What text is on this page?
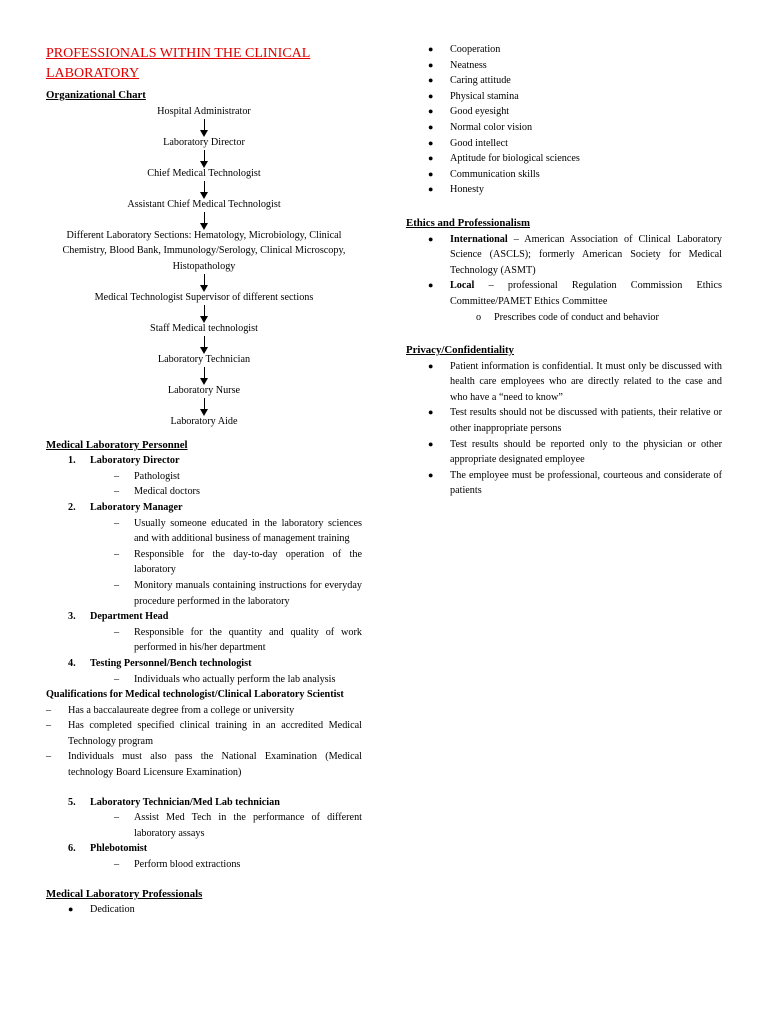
PROFESSIONALS WITHIN THE CLINICAL LABORATORY
Organizational Chart
Hospital Administrator
Laboratory Director
Chief Medical Technologist
Assistant Chief Medical Technologist
Different Laboratory Sections: Hematology, Microbiology, Clinical Chemistry, Blood Bank, Immunology/Serology, Clinical Microscopy, Histopathology
Medical Technologist Supervisor of different sections
Staff Medical technologist
Laboratory Technician
Laboratory Nurse
Laboratory Aide
Medical Laboratory Personnel
1. Laboratory Director
– Pathologist
– Medical doctors
2. Laboratory Manager
– Usually someone educated in the laboratory sciences and with additional business of management training
– Responsible for the day-to-day operation of the laboratory
– Monitory manuals containing instructions for everyday procedure performed in the laboratory
3. Department Head
– Responsible for the quantity and quality of work performed in his/her department
4. Testing Personnel/Bench technologist
– Individuals who actually perform the lab analysis
Qualifications for Medical technologist/Clinical Laboratory Scientist
– Has a baccalaureate degree from a college or university
– Has completed specified clinical training in an accredited Medical Technology program
– Individuals must also pass the National Examination (Medical technology Board Licensure Examination)
5. Laboratory Technician/Med Lab technician
– Assist Med Tech in the performance of different laboratory assays
6. Phlebotomist
– Perform blood extractions
Medical Laboratory Professionals
● Dedication
● Cooperation
● Neatness
● Caring attitude
● Physical stamina
● Good eyesight
● Normal color vision
● Good intellect
● Aptitude for biological sciences
● Communication skills
● Honesty
Ethics and Professionalism
● International – American Association of Clinical Laboratory Science (ASCLS); formerly American Society for Medical Technology (ASMT)
● Local – professional Regulation Commission Ethics Committee/PAMET Ethics Committee
o Prescribes code of conduct and behavior
Privacy/Confidentiality
● Patient information is confidential. It must only be discussed with health care employees who are directly related to the case and who have a “need to know”
● Test results should not be discussed with patients, their relative or other inappropriate persons
● Test results should be reported only to the physician or other appropriate designated employee
● The employee must be professional, courteous and considerate of patients
